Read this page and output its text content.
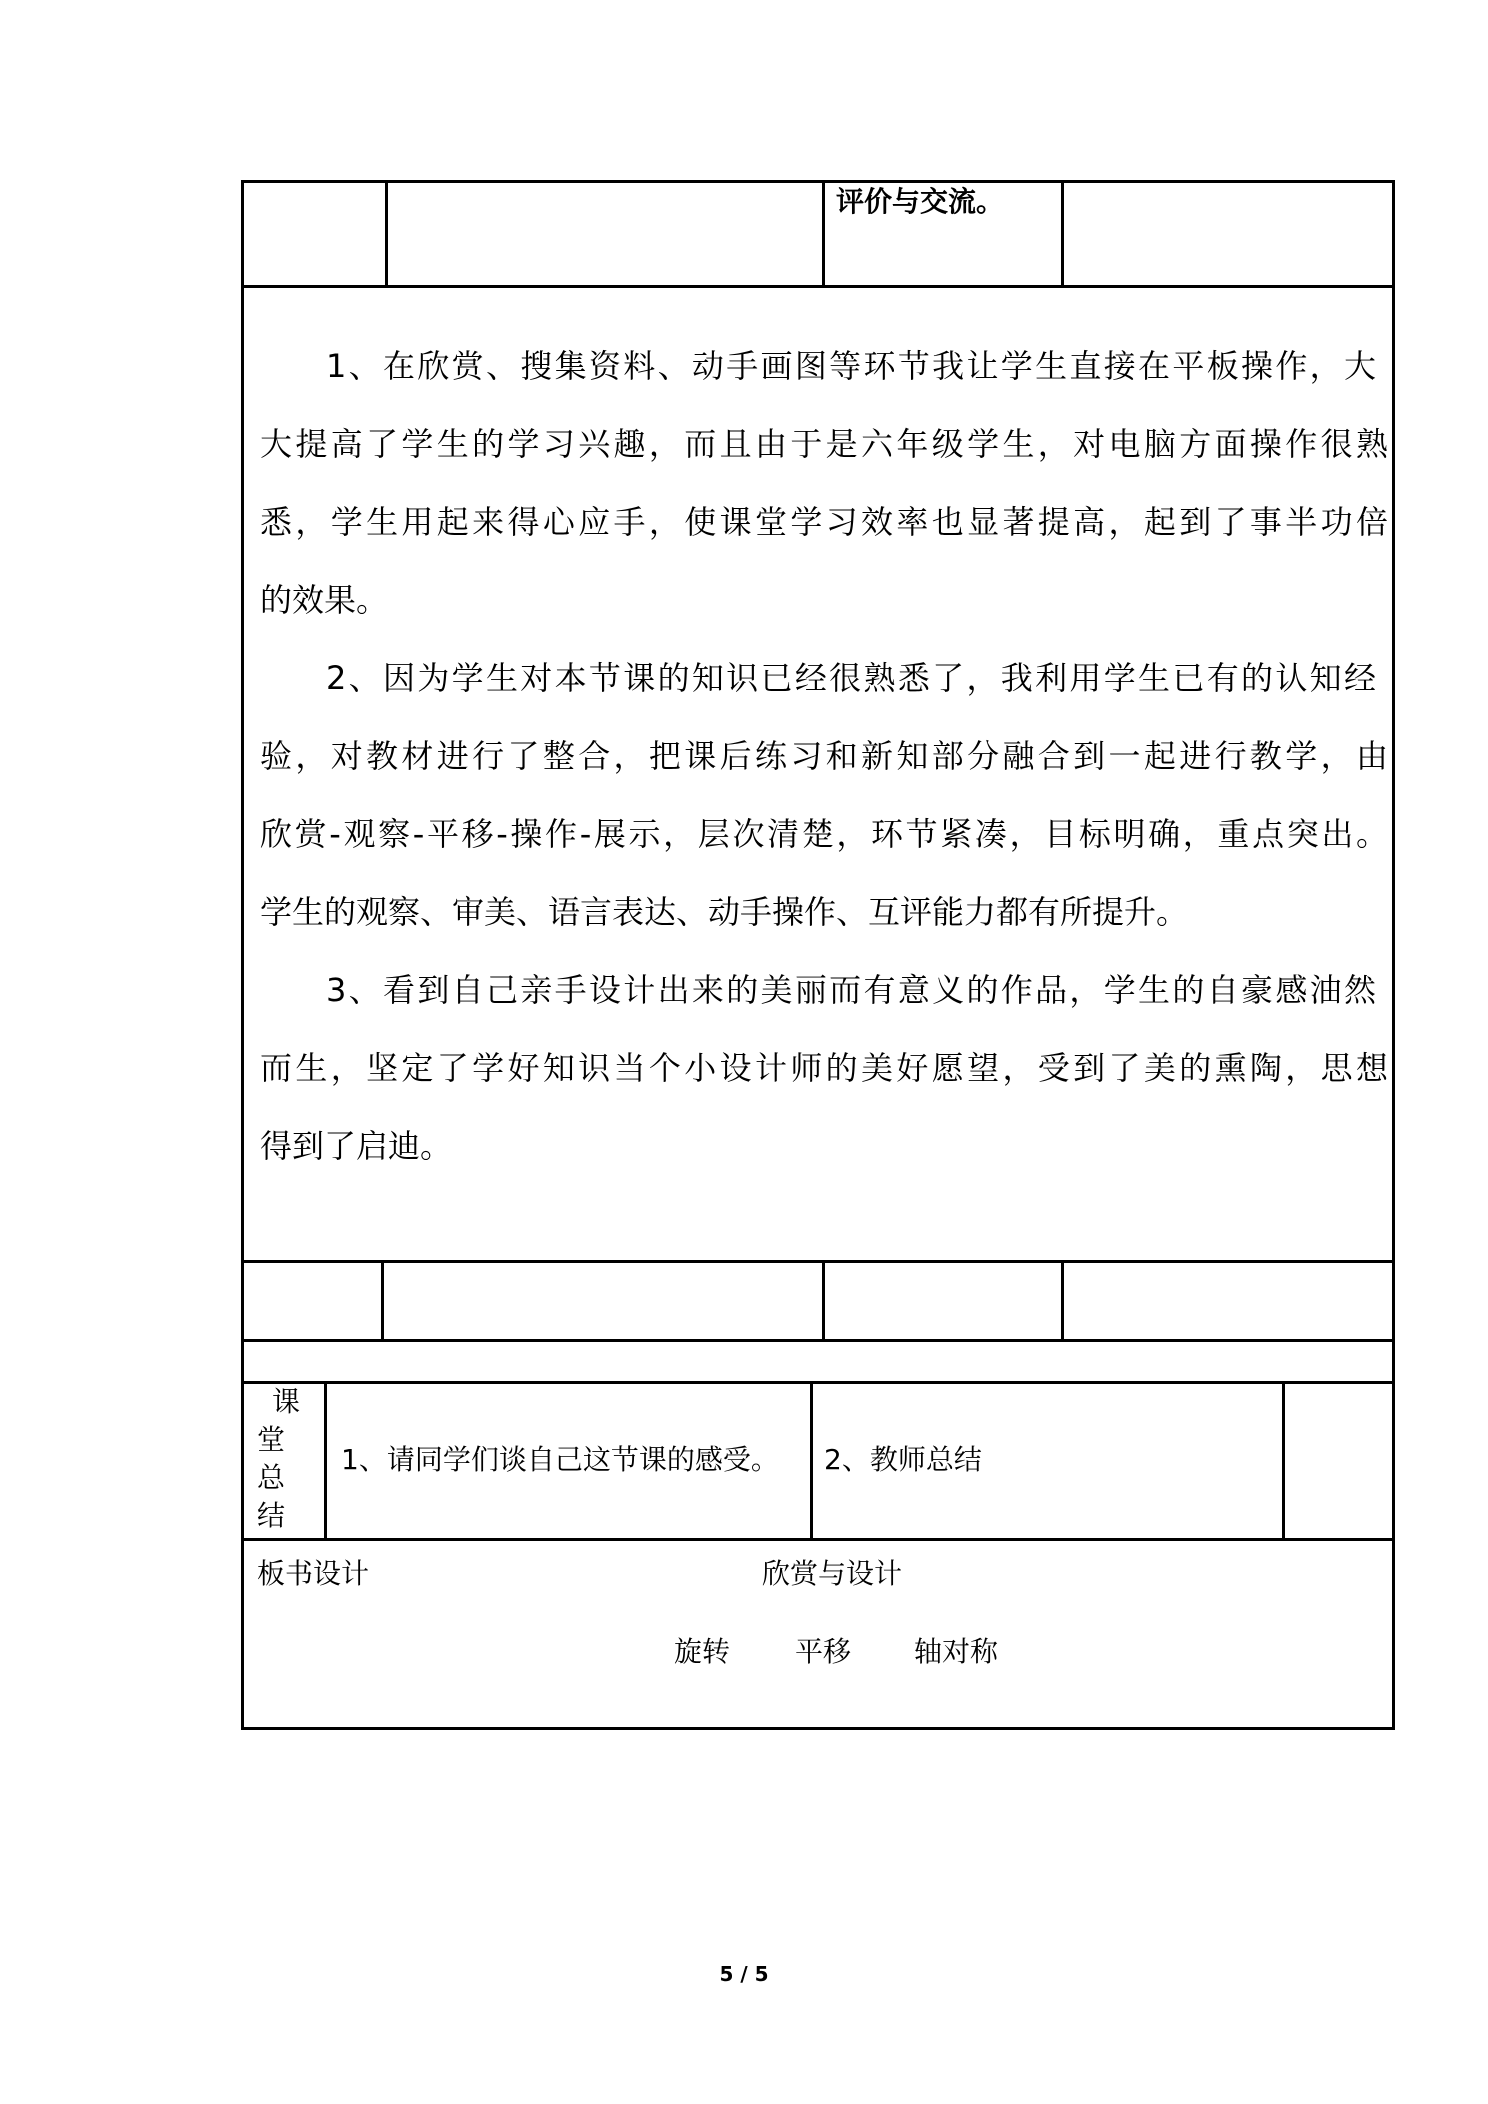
评价与交流。
1、在欣赏、搜集资料、动手画图等环节我让学生直接在平板操作，大
大提高了学生的学习兴趣，而且由于是六年级学生，对电脑方面操作很熟
悉，学生用起来得心应手，使课堂学习效率也显著提高，起到了事半功倍
的效果。
2、因为学生对本节课的知识已经很熟悉了，我利用学生已有的认知经
验，对教材进行了整合，把课后练习和新知部分融合到一起进行教学，由
欣赏-观察-平移-操作-展示，层次清楚，环节紧凑，目标明确，重点突出。
学生的观察、审美、语言表达、动手操作、互评能力都有所提升。
3、看到自己亲手设计出来的美丽而有意义的作品，学生的自豪感油然
而生，坚定了学好知识当个小设计师的美好愿望，受到了美的熏陶，思想
得到了启迪。
课
堂
总
结
1、请同学们谈自己这节课的感受。 2、教师总结
板书设计	欣赏与设计
旋转 平移 轴对称
5 / 5
